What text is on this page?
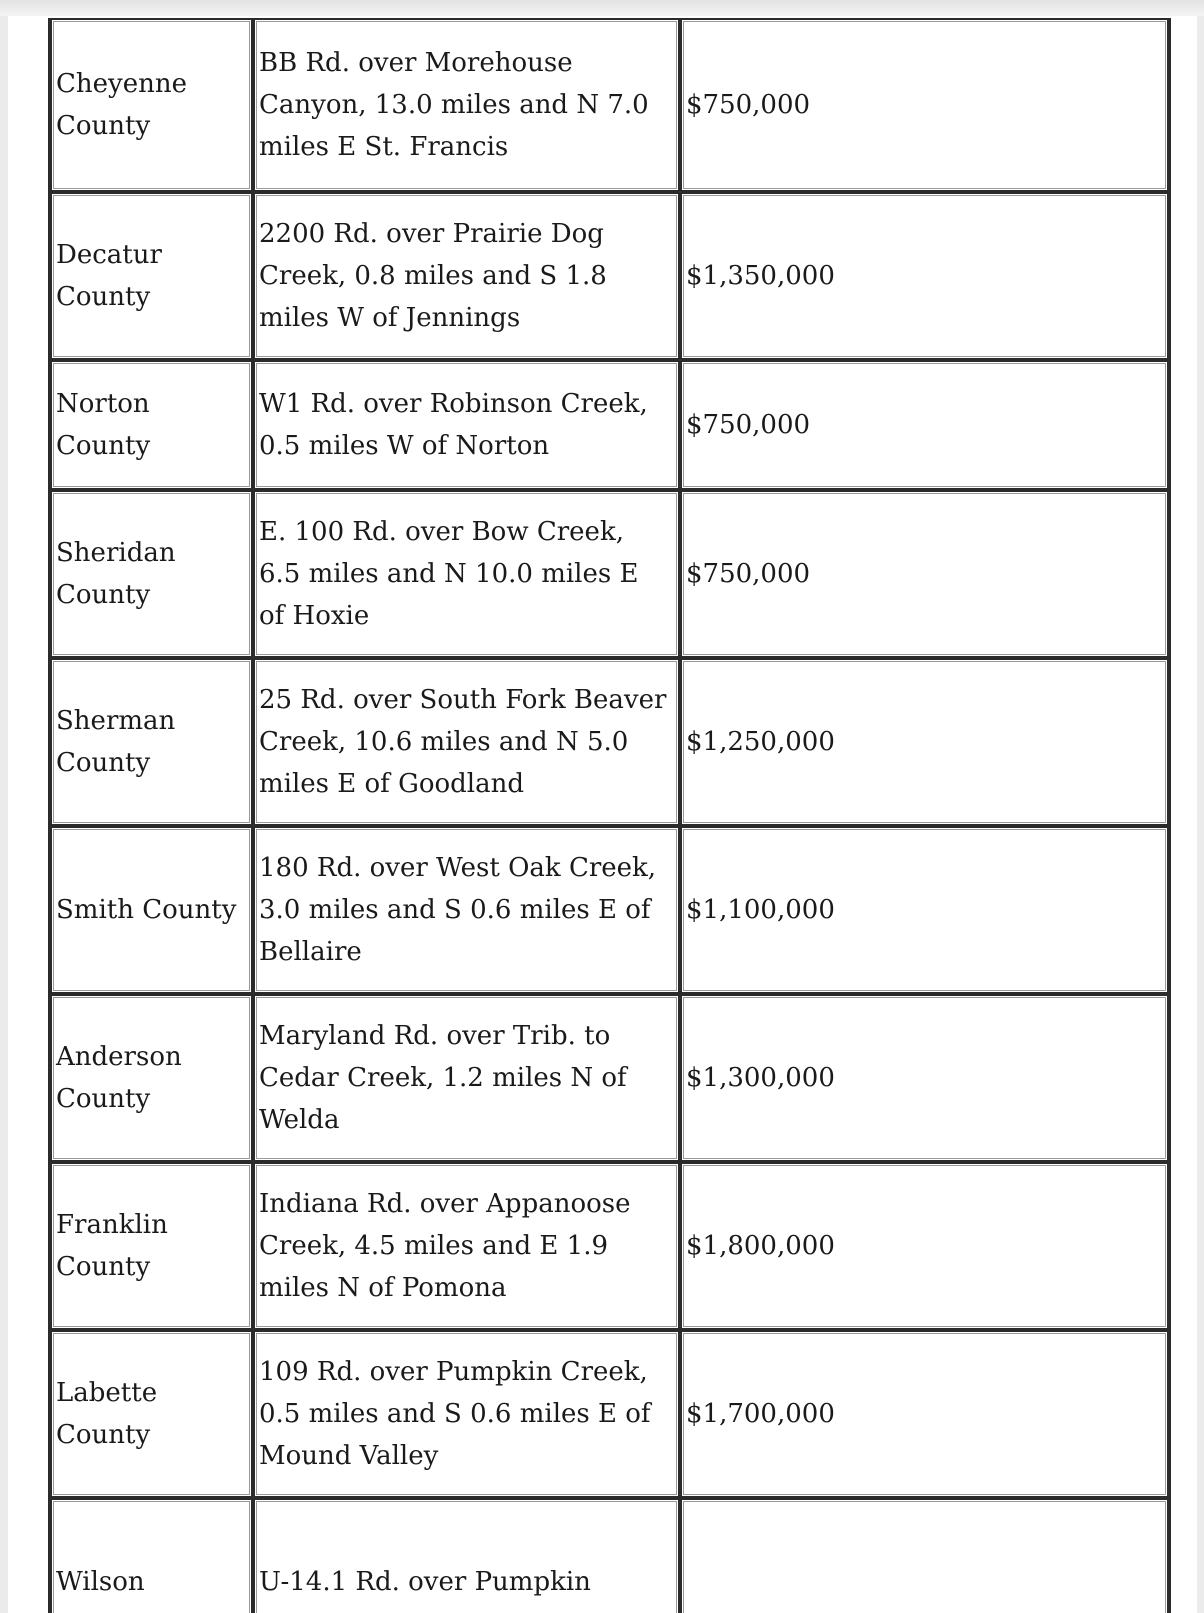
Cheyenne County	BB Rd. over Morehouse Canyon, 13.0 miles and N 7.0 miles E St. Francis	$750,000

Decatur County	2200 Rd. over Prairie Dog Creek, 0.8 miles and S 1.8 miles W of Jennings	$1,350,000

Norton County	W1 Rd. over Robinson Creek, 0.5 miles W of Norton	$750,000

Sheridan County	E. 100 Rd. over Bow Creek, 6.5 miles and N 10.0 miles E of Hoxie	$750,000

Sherman County	25 Rd. over South Fork Beaver Creek, 10.6 miles and N 5.0 miles E of Goodland	$1,250,000

Smith County	180 Rd. over West Oak Creek, 3.0 miles and S 0.6 miles E of Bellaire	$1,100,000

Anderson County	Maryland Rd. over Trib. to Cedar Creek, 1.2 miles N of Welda	$1,300,000

Franklin County	Indiana Rd. over Appanoose Creek, 4.5 miles and E 1.9 miles N of Pomona	$1,800,000

Labette County	109 Rd. over Pumpkin Creek, 0.5 miles and S 0.6 miles E of Mound Valley	$1,700,000

Wilson	U-14.1 Rd. over Pumpkin	
